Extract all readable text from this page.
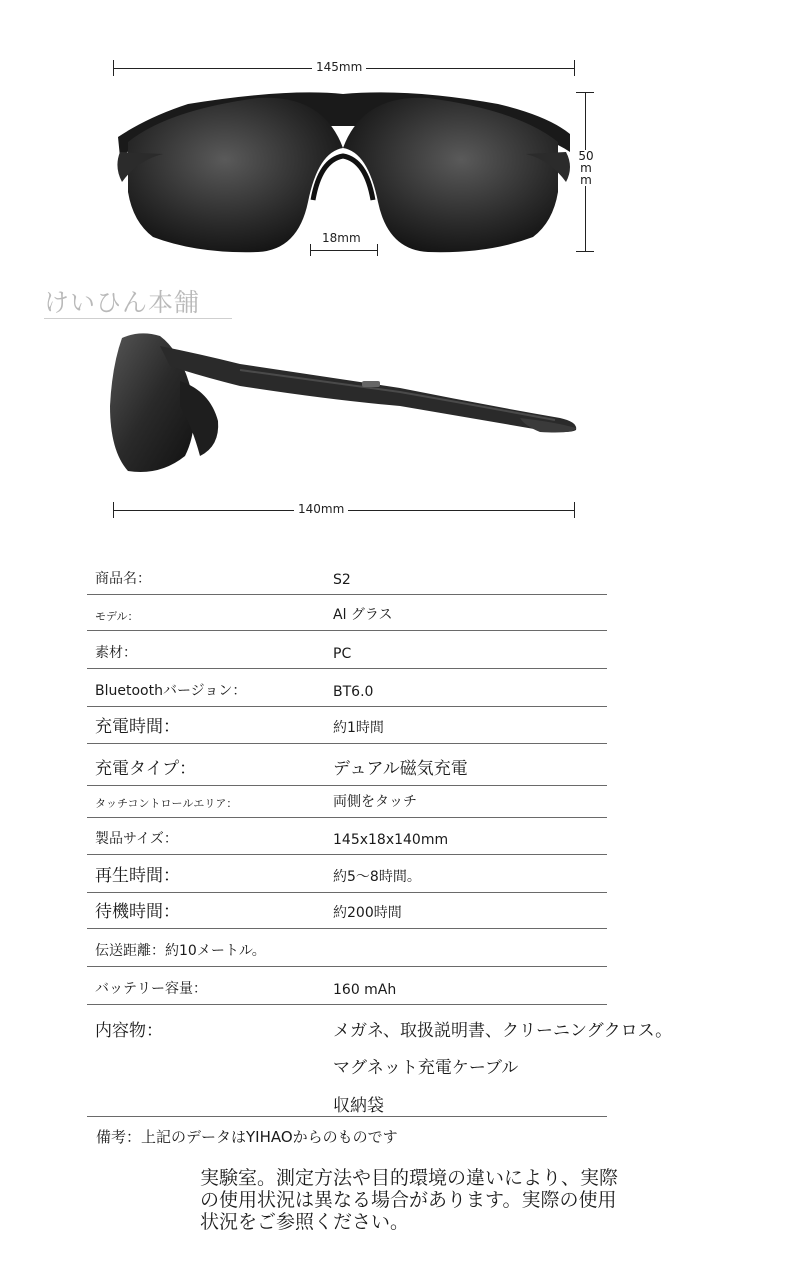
145mm
50mm
18mm
けいひん本舗
140mm
商品名：	S2
モデル：	Al グラス
素材：	PC
Bluetoothバージョン：	BT6.0
充電時間：	約1時間
充電タイプ：	デュアル磁気充電
タッチコントロールエリア：	両側をタッチ
製品サイズ：	145x18x140mm
再生時間：	約5～8時間。
待機時間：	約200時間
伝送距離：約10メートル。
バッテリー容量：	160 mAh
内容物：	メガネ、取扱説明書、クリーニングクロス。
マグネット充電ケーブル
収納袋
備考：上記のデータはYIHAOからのものです
実験室。測定方法や目的環境の違いにより、実際の使用状況は異なる場合があります。実際の使用状況をご参照ください。
